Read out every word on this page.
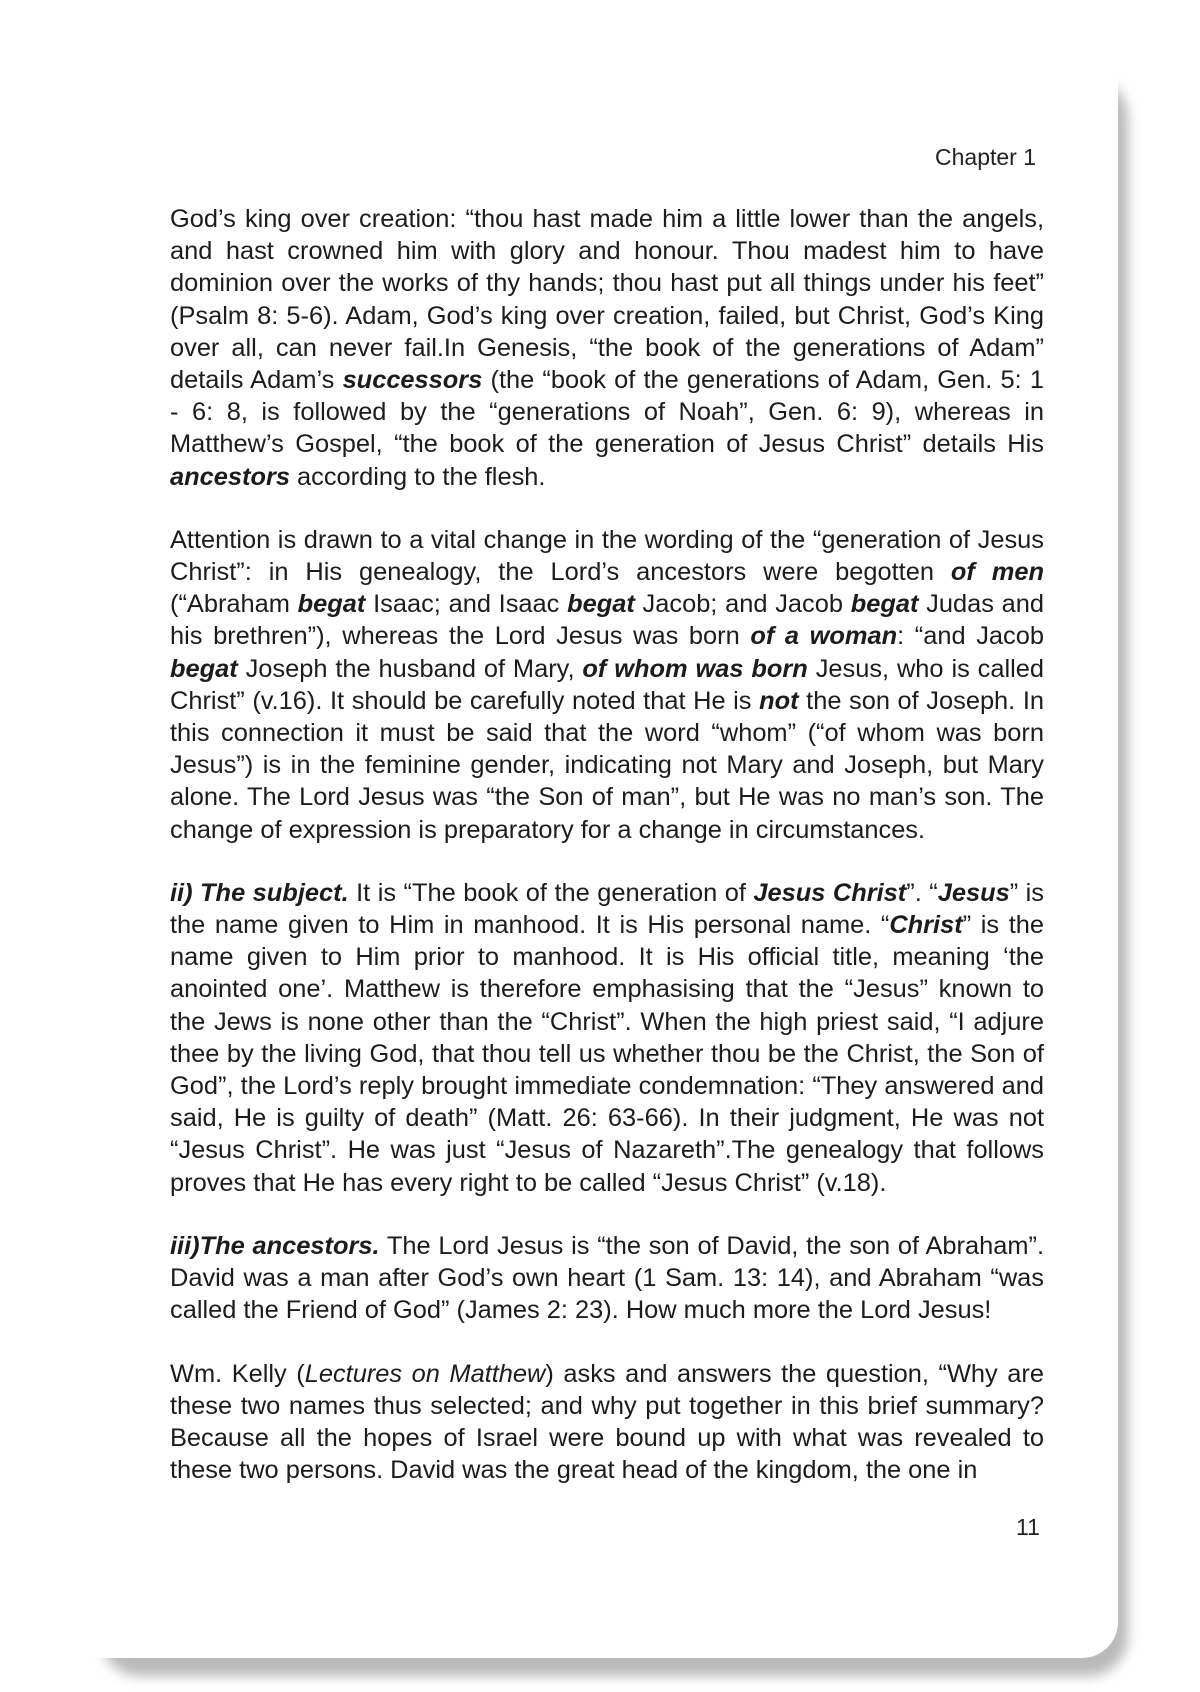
Chapter 1

God’s king over creation: “thou hast made him a little lower than the angels, and hast crowned him with glory and honour. Thou madest him to have dominion over the works of thy hands; thou hast put all things under his feet” (Psalm 8: 5-6). Adam, God’s king over creation, failed, but Christ, God’s King over all, can never fail.In Genesis, “the book of the generations of Adam” details Adam’s successors (the “book of the generations of Adam, Gen. 5: 1 - 6: 8, is followed by the “generations of Noah”, Gen. 6: 9), whereas in Matthew’s Gospel, “the book of the generation of Jesus Christ” details His ancestors according to the flesh.

Attention is drawn to a vital change in the wording of the “generation of Jesus Christ”: in His genealogy, the Lord’s ancestors were begotten of men (“Abraham begat Isaac; and Isaac begat Jacob; and Jacob begat Judas and his brethren”), whereas the Lord Jesus was born of a woman: “and Jacob begat Joseph the husband of Mary, of whom was born Jesus, who is called Christ” (v.16). It should be carefully noted that He is not the son of Joseph. In this connection it must be said that the word “whom” (“of whom was born Jesus”) is in the feminine gender, indicating not Mary and Joseph, but Mary alone. The Lord Jesus was “the Son of man”, but He was no man’s son. The change of expression is preparatory for a change in circumstances.

ii) The subject. It is “The book of the generation of Jesus Christ”. “Jesus” is the name given to Him in manhood. It is His personal name. “Christ” is the name given to Him prior to manhood. It is His official title, meaning ‘the anointed one’. Matthew is therefore emphasising that the “Jesus” known to the Jews is none other than the “Christ”. When the high priest said, “I adjure thee by the living God, that thou tell us whether thou be the Christ, the Son of God”, the Lord’s reply brought immediate condemnation: “They answered and said, He is guilty of death” (Matt. 26: 63-66). In their judgment, He was not “Jesus Christ”. He was just “Jesus of Nazareth”.The genealogy that follows proves that He has every right to be called “Jesus Christ” (v.18).

iii)The ancestors. The Lord Jesus is “the son of David, the son of Abraham”. David was a man after God’s own heart (1 Sam. 13: 14), and Abraham “was called the Friend of God” (James 2: 23). How much more the Lord Jesus!

Wm. Kelly (Lectures on Matthew) asks and answers the question, “Why are these two names thus selected; and why put together in this brief summary? Because all the hopes of Israel were bound up with what was revealed to these two persons. David was the great head of the kingdom, the one in

11
